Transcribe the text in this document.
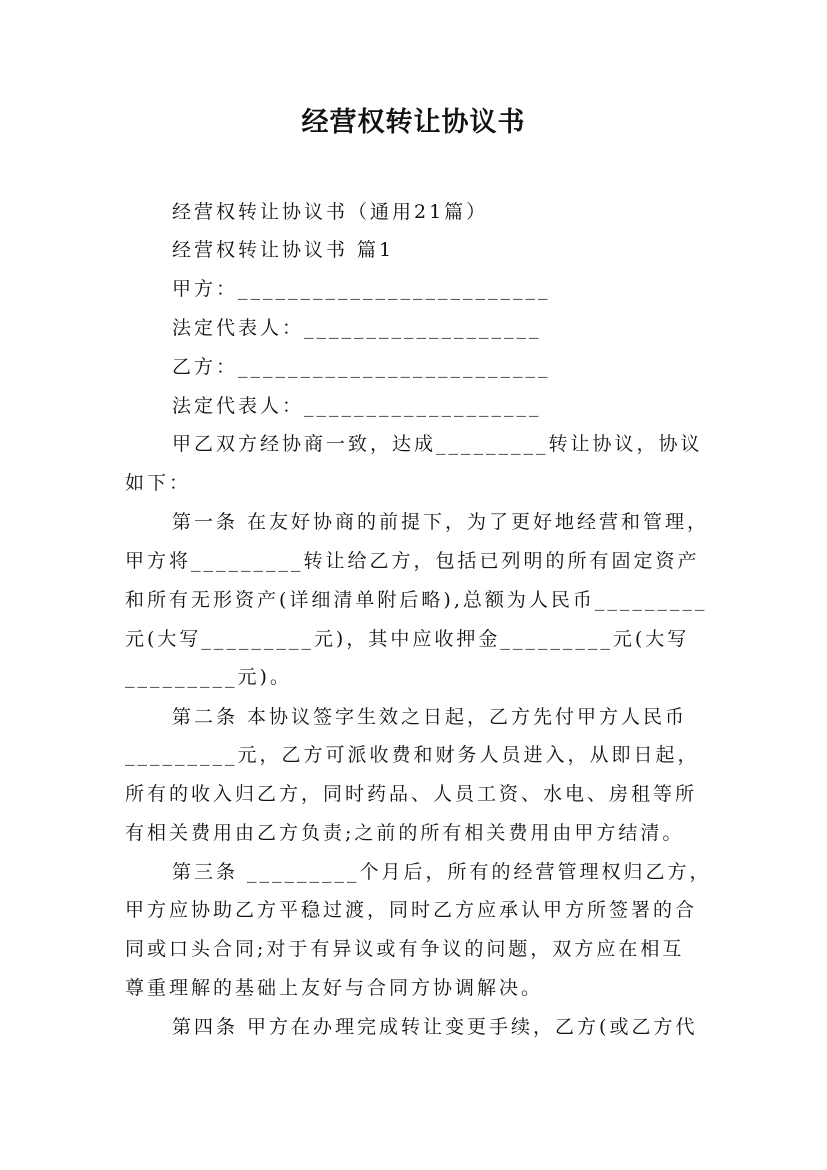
经营权转让协议书
经营权转让协议书（通用21篇）
经营权转让协议书 篇1
甲方：_________________________
法定代表人：___________________
乙方：_________________________
法定代表人：___________________
甲乙双方经协商一致，达成_________转让协议，协议
如下：
第一条 在友好协商的前提下，为了更好地经营和管理，
甲方将_________转让给乙方，包括已列明的所有固定资产
和所有无形资产(详细清单附后略),总额为人民币_________
元(大写_________元)，其中应收押金_________元(大写
_________元)。
第二条 本协议签字生效之日起，乙方先付甲方人民币
_________元，乙方可派收费和财务人员进入，从即日起，
所有的收入归乙方，同时药品、人员工资、水电、房租等所
有相关费用由乙方负责;之前的所有相关费用由甲方结清。
第三条 _________个月后，所有的经营管理权归乙方，
甲方应协助乙方平稳过渡，同时乙方应承认甲方所签署的合
同或口头合同;对于有异议或有争议的问题，双方应在相互
尊重理解的基础上友好与合同方协调解决。
第四条 甲方在办理完成转让变更手续，乙方(或乙方代
